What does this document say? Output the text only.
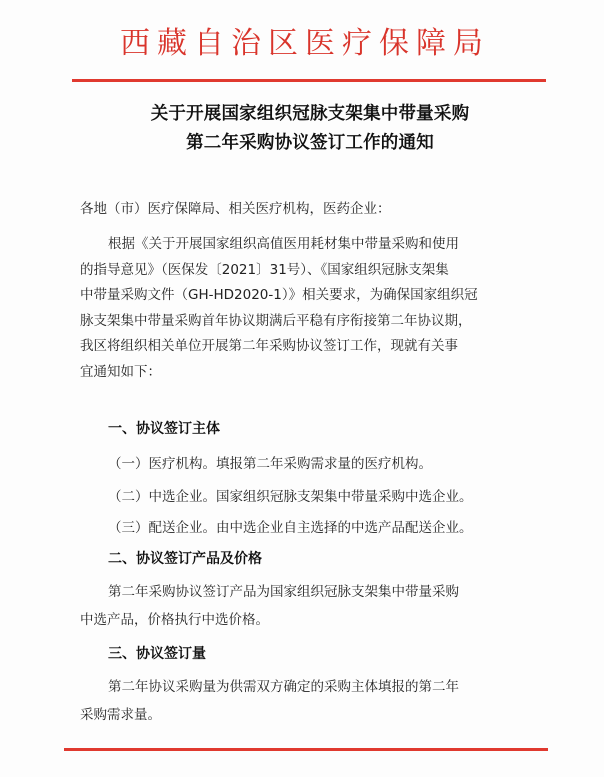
西藏自治区医疗保障局
关于开展国家组织冠脉支架集中带量采购
第二年采购协议签订工作的通知
各地（市）医疗保障局、相关医疗机构，医药企业：
根据《关于开展国家组织高值医用耗材集中带量采购和使用
的指导意见》（医保发〔2021〕31号）、《国家组织冠脉支架集
中带量采购文件（GH-HD2020-1）》相关要求，为确保国家组织冠
脉支架集中带量采购首年协议期满后平稳有序衔接第二年协议期，
我区将组织相关单位开展第二年采购协议签订工作，现就有关事
宜通知如下：
一、协议签订主体
（一）医疗机构。填报第二年采购需求量的医疗机构。
（二）中选企业。国家组织冠脉支架集中带量采购中选企业。
（三）配送企业。由中选企业自主选择的中选产品配送企业。
二、协议签订产品及价格
第二年采购协议签订产品为国家组织冠脉支架集中带量采购
中选产品，价格执行中选价格。
三、协议签订量
第二年协议采购量为供需双方确定的采购主体填报的第二年
采购需求量。
